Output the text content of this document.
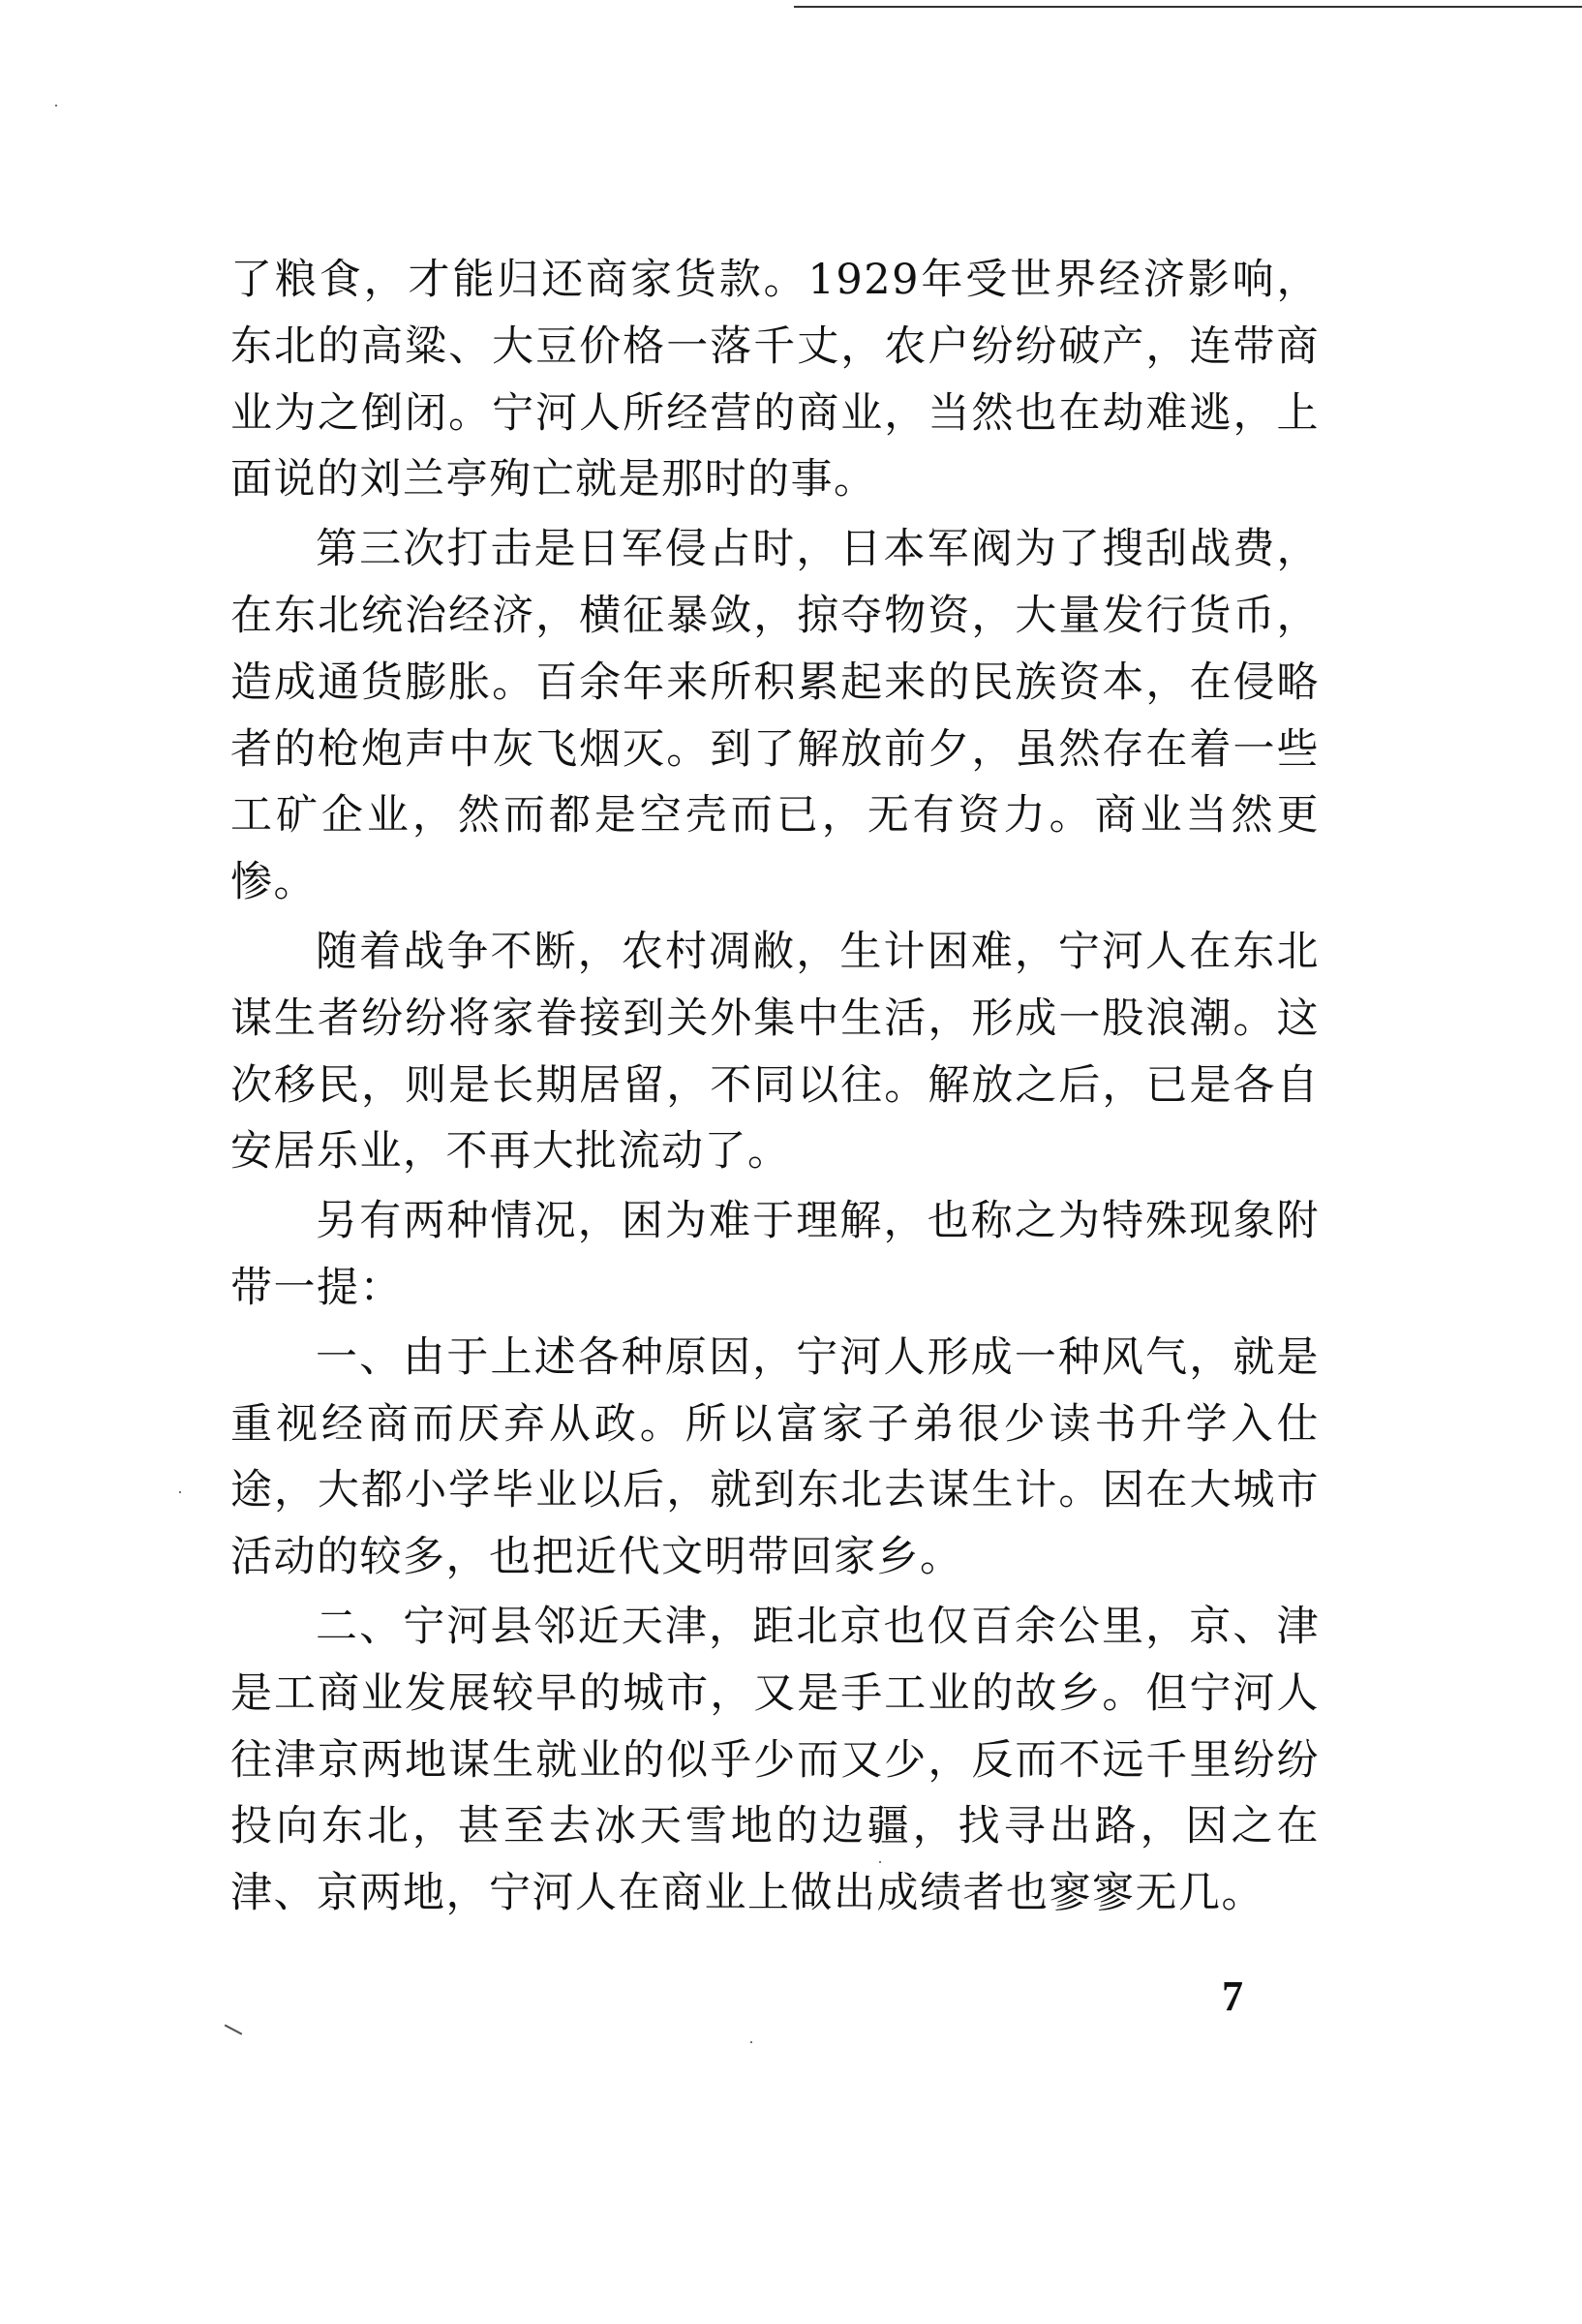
了粮食，才能归还商家货款。1929年受世界经济影响，东北的高粱、大豆价格一落千丈，农户纷纷破产，连带商业为之倒闭。宁河人所经营的商业，当然也在劫难逃，上面说的刘兰亭殉亡就是那时的事。

第三次打击是日军侵占时，日本军阀为了搜刮战费，在东北统治经济，横征暴敛，掠夺物资，大量发行货币，造成通货膨胀。百余年来所积累起来的民族资本，在侵略者的枪炮声中灰飞烟灭。到了解放前夕，虽然存在着一些工矿企业，然而都是空壳而已，无有资力。商业当然更惨。

随着战争不断，农村凋敝，生计困难，宁河人在东北谋生者纷纷将家眷接到关外集中生活，形成一股浪潮。这次移民，则是长期居留，不同以往。解放之后，已是各自安居乐业，不再大批流动了。

另有两种情况，困为难于理解，也称之为特殊现象附带一提：

一、由于上述各种原因，宁河人形成一种风气，就是重视经商而厌弃从政。所以富家子弟很少读书升学入仕途，大都小学毕业以后，就到东北去谋生计。因在大城市活动的较多，也把近代文明带回家乡。

二、宁河县邻近天津，距北京也仅百余公里，京、津是工商业发展较早的城市，又是手工业的故乡。但宁河人往津京两地谋生就业的似乎少而又少，反而不远千里纷纷投向东北，甚至去冰天雪地的边疆，找寻出路，因之在津、京两地，宁河人在商业上做出成绩者也寥寥无几。

7
